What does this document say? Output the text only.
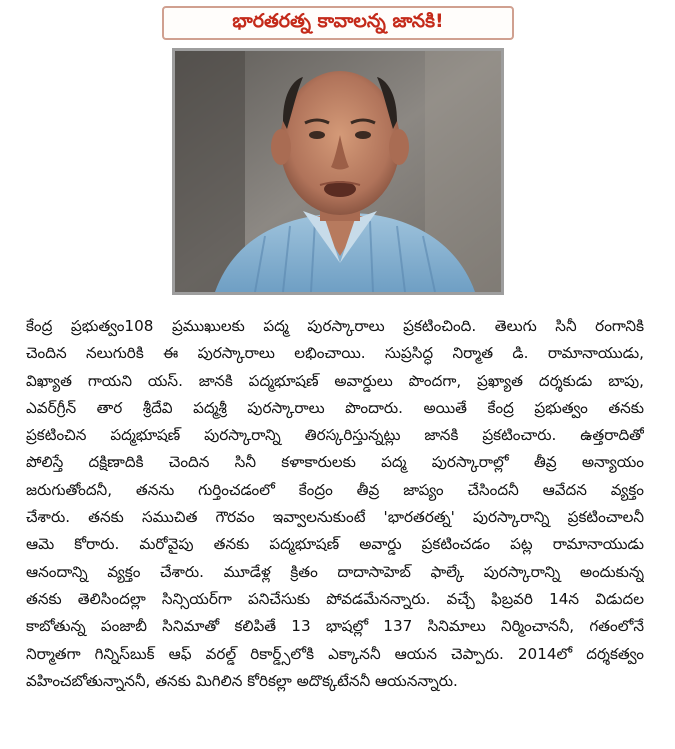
భారతరత్న కావాలన్న జానకి!
కేంద్ర ప్రభుత్వం108 ప్రముఖులకు పద్మ పురస్కారాలు ప్రకటించింది. తెలుగు సినీ రంగానికి
చెందిన నలుగురికి ఈ పురస్కారాలు లభించాయి. సుప్రసిద్ధ నిర్మాత డి. రామానాయుడు,
విఖ్యాత గాయని యస్. జానకి పద్మభూషణ్ అవార్డులు పొందగా, ప్రఖ్యాత దర్శకుడు బాపు,
ఎవర్‌గ్రీన్ తార శ్రీదేవి పద్మశ్రీ పురస్కారాలు పొందారు. అయితే కేంద్ర ప్రభుత్వం తనకు
ప్రకటించిన పద్మభూషణ్ పురస్కారాన్ని తిరస్కరిస్తున్నట్లు జానకి ప్రకటించారు. ఉత్తరాదితో
పోలిస్తే దక్షిణాదికి చెందిన సినీ కళాకారులకు పద్మ పురస్కారాల్లో తీవ్ర అన్యాయం
జరుగుతోందనీ, తనను గుర్తించడంలో కేంద్రం తీవ్ర జాప్యం చేసిందనీ ఆవేదన వ్యక్తం
చేశారు. తనకు సముచిత గౌరవం ఇవ్వాలనుకుంటే 'భారతరత్న' పురస్కారాన్ని ప్రకటించాలనీ
ఆమె కోరారు. మరోవైపు తనకు పద్మభూషణ్ అవార్డు ప్రకటించడం పట్ల రామానాయుడు
ఆనందాన్ని వ్యక్తం చేశారు. మూడేళ్ల క్రితం దాదాసాహెబ్ ఫాల్కే పురస్కారాన్ని అందుకున్న
తనకు తెలిసిందల్లా సిన్సియర్‌గా పనిచేసుకు పోవడమేనన్నారు. వచ్చే ఫిబ్రవరి 14న విడుదల
కాబోతున్న పంజాబీ సినిమాతో కలిపితే 13 భాషల్లో 137 సినిమాలు నిర్మించాననీ, గతంలోనే
నిర్మాతగా గిన్నిస్‌బుక్ ఆఫ్ వరల్డ్ రికార్డ్స్‌లోకి ఎక్కాననీ ఆయన చెప్పారు. 2014లో దర్శకత్వం
వహించబోతున్నాననీ, తనకు మిగిలిన కోరికల్లా అదొక్కటేననీ ఆయనన్నారు.
